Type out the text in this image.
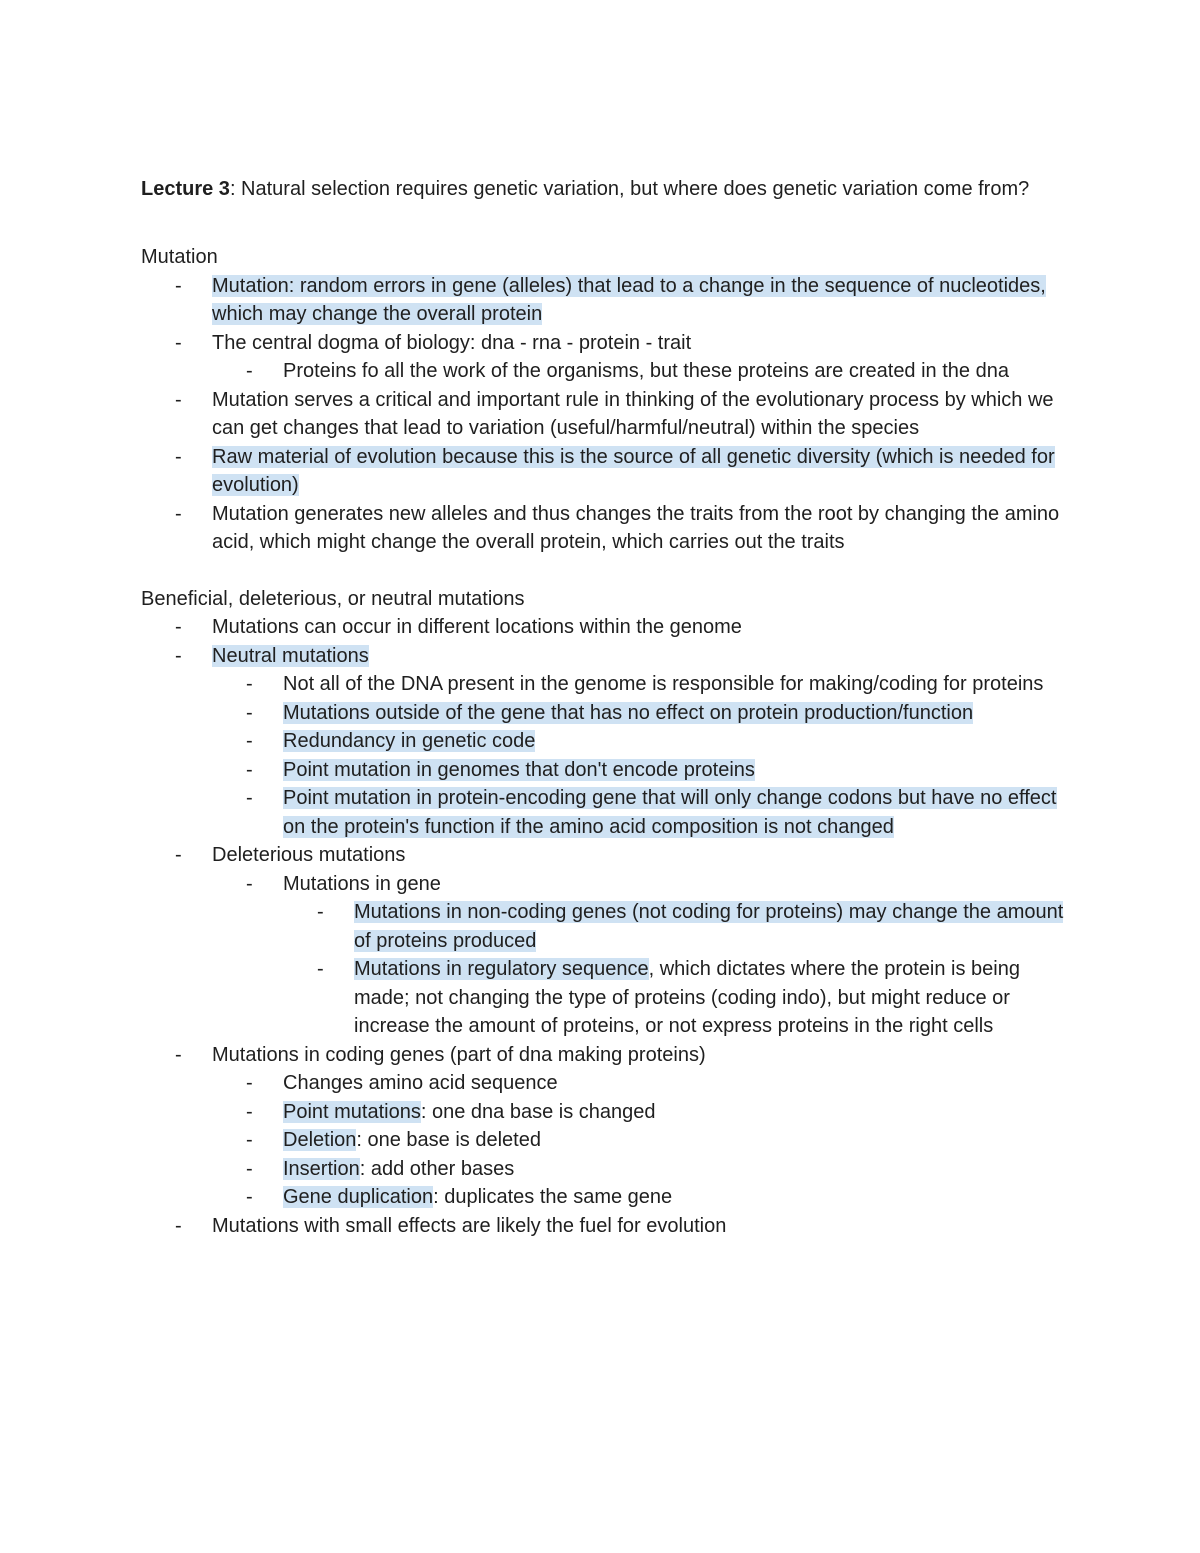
Lecture 3: Natural selection requires genetic variation, but where does genetic variation come from?

Mutation

-	Mutation: random errors in gene (alleles) that lead to a change in the sequence of nucleotides, which may change the overall protein
-	The central dogma of biology: dna - rna - protein - trait
-	Proteins fo all the work of the organisms, but these proteins are created in the dna
-	Mutation serves a critical and important rule in thinking of the evolutionary process by which we can get changes that lead to variation (useful/harmful/neutral) within the species
-	Raw material of evolution because this is the source of all genetic diversity (which is needed for evolution)
-	Mutation generates new alleles and thus changes the traits from the root by changing the amino acid, which might change the overall protein, which carries out the traits

Beneficial, deleterious, or neutral mutations

-	Mutations can occur in different locations within the genome
-	Neutral mutations
-	Not all of the DNA present in the genome is responsible for making/coding for proteins
-	Mutations outside of the gene that has no effect on protein production/function
-	Redundancy in genetic code
-	Point mutation in genomes that don't encode proteins
-	Point mutation in protein-encoding gene that will only change codons but have no effect on the protein's function if the amino acid composition is not changed
-	Deleterious mutations
-	Mutations in gene
-	Mutations in non-coding genes (not coding for proteins) may change the amount of proteins produced
-	Mutations in regulatory sequence, which dictates where the protein is being made; not changing the type of proteins (coding indo), but might reduce or increase the amount of proteins, or not express proteins in the right cells
-	Mutations in coding genes (part of dna making proteins)
-	Changes amino acid sequence
-	Point mutations: one dna base is changed
-	Deletion: one base is deleted
-	Insertion: add other bases
-	Gene duplication: duplicates the same gene
-	Mutations with small effects are likely the fuel for evolution
